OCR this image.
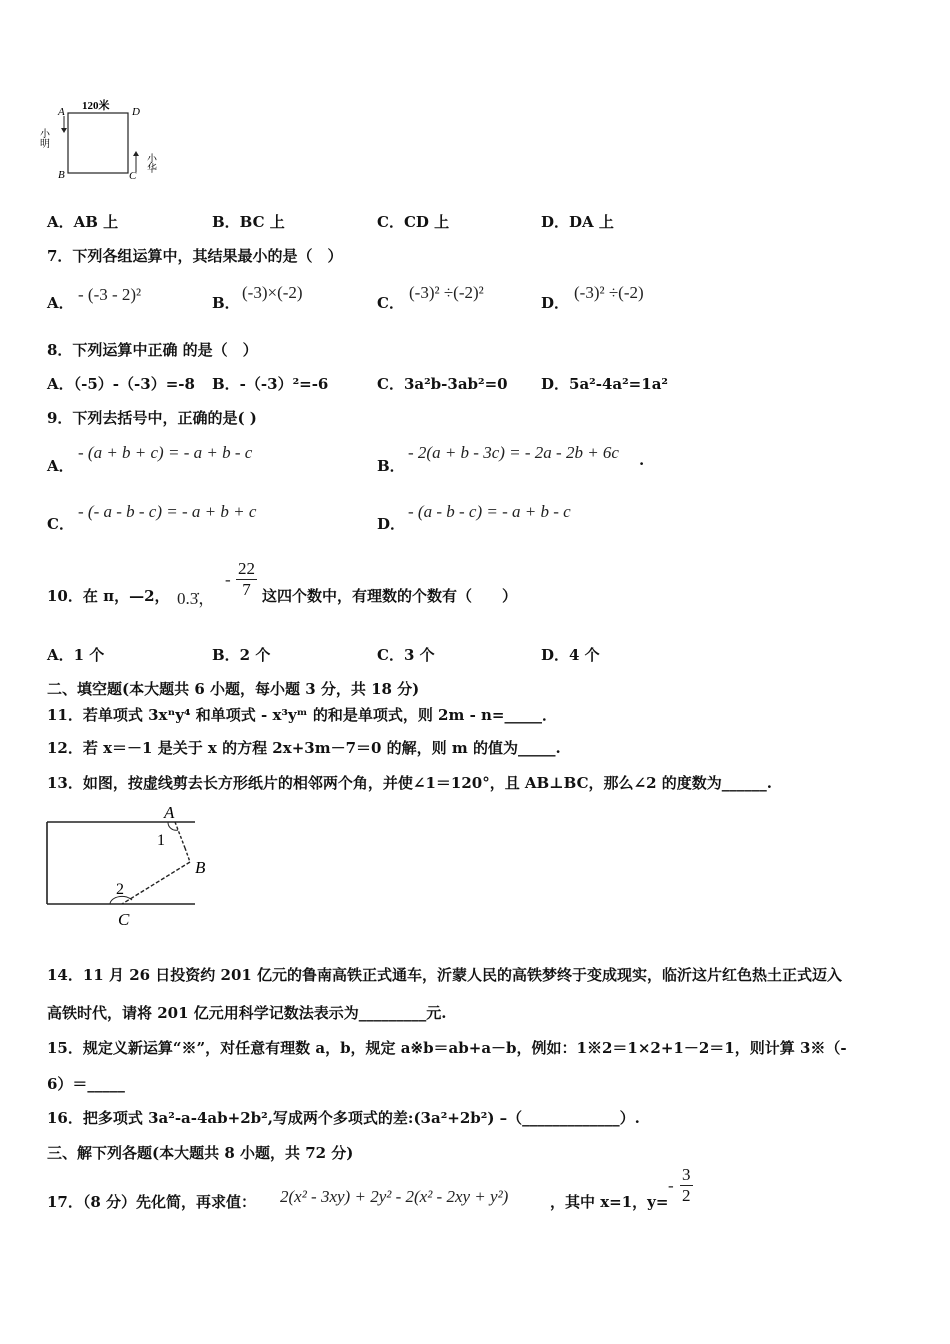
120米
A	D
B	C
小明
小华
A．AB 上	B．BC 上	C．CD 上	D．DA 上
7．下列各组运算中，其结果最小的是（　）
A． - (-3 - 2)²	B．
(-3)×(-2)
C．
(-3)² ÷(-2)²
D．
(-3)² ÷(-2)
8．下列运算中正确 的是（　）
A．（-5）-（-3）=-8 B．-（-3）²=-6	C．3a²b-3ab²=0 D．5a²-4a²=1a²
9．下列去括号中，正确的是( )
A．
- (a + b + c) = - a + b - c
B．
- 2(a + b - 3c) = - 2a - 2b + 6c .
C．
- (- a - b - c) = - a + b + c
D．
- (a - b - c) = - a + b - c
10．在 π，—2， 0.3̇，
- $\frac{22}{7}$ 这四个数中，有理数的个数有（　　）
A．1 个	B．2 个	C．3 个	D．4 个
二、填空题(本大题共 6 小题，每小题 3 分，共 18 分)
11．若单项式 3xⁿy⁴ 和单项式 - x³yᵐ 的和是单项式，则 2m - n=_____．
12．若 x＝－1 是关于 x 的方程 2x+3m－7＝0 的解，则 m 的值为_____.
13．如图，按虚线剪去长方形纸片的相邻两个角，并使∠1＝120°，且 AB⊥BC，那么∠2 的度数为______.
A
1
B
2
C
14．11 月 26 日投资约 201 亿元的鲁南高铁正式通车，沂蒙人民的高铁梦终于变成现实，临沂这片红色热土正式迈入
高铁时代，请将 201 亿元用科学记数法表示为_________元.
15．规定义新运算“※”，对任意有理数 a，b，规定 a※b＝ab+a－b，例如：1※2＝1×2+1－2＝1，则计算 3※（-
6）＝_____
16．把多项式 3a²-a-4ab+2b²,写成两个多项式的差:(3a²+2b²) –（_____________）.
三、解下列各题(本大题共 8 小题，共 72 分)
17．（8 分）先化简，再求值： 2(x² - 3xy) + 2y² - 2(x² - 2xy + y²)	，其中 x=1，y=
- $\frac{3}{2}$
